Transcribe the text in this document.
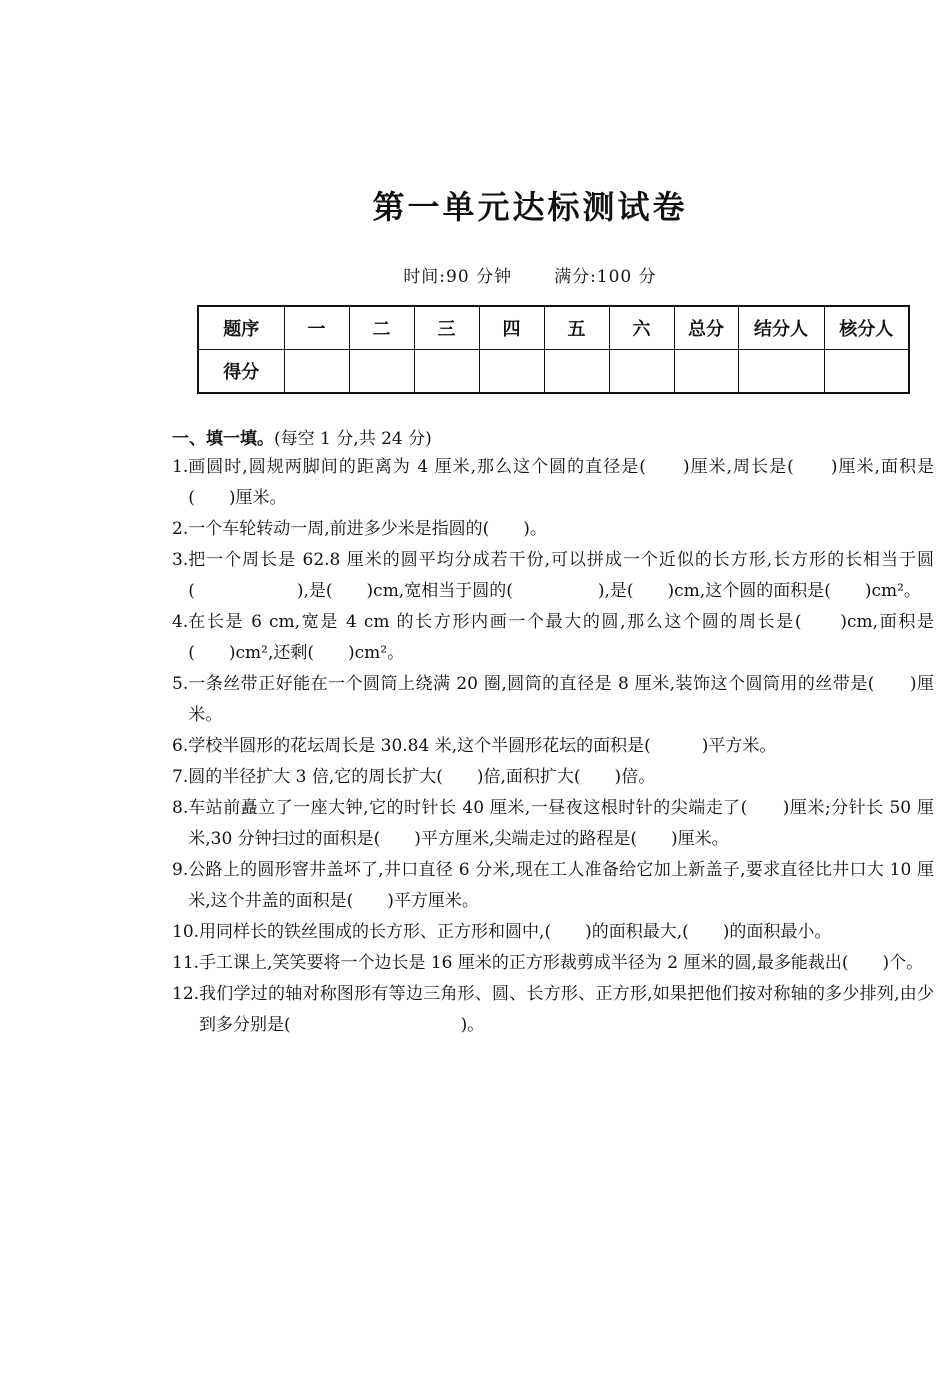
第一单元达标测试卷
时间:90 分钟 满分:100 分
题序	一	二	三	四	五	六	总分	结分人	核分人
得分									
一、填一填。(每空 1 分,共 24 分)
1. 画圆时,圆规两脚间的距离为 4 厘米,那么这个圆的直径是(　　)厘米,周长是(　　)厘米,面积是(　　)厘米。
2. 一个车轮转动一周,前进多少米是指圆的(　　)。
3. 把一个周长是 62.8 厘米的圆平均分成若干份,可以拼成一个近似的长方形,长方形的长相当于圆(　　　　　　),是(　　)cm,宽相当于圆的(　　　　　),是(　　)cm,这个圆的面积是(　　)cm²。
4. 在长是 6 cm,宽是 4 cm 的长方形内画一个最大的圆,那么这个圆的周长是(　　)cm,面积是(　　)cm²,还剩(　　)cm²。
5. 一条丝带正好能在一个圆筒上绕满 20 圈,圆筒的直径是 8 厘米,装饰这个圆筒用的丝带是(　　)厘米。
6. 学校半圆形的花坛周长是 30.84 米,这个半圆形花坛的面积是(　　　)平方米。
7. 圆的半径扩大 3 倍,它的周长扩大(　　)倍,面积扩大(　　)倍。
8. 车站前矗立了一座大钟,它的时针长 40 厘米,一昼夜这根时针的尖端走了(　　)厘米;分针长 50 厘米,30 分钟扫过的面积是(　　)平方厘米,尖端走过的路程是(　　)厘米。
9. 公路上的圆形窨井盖坏了,井口直径 6 分米,现在工人准备给它加上新盖子,要求直径比井口大 10 厘米,这个井盖的面积是(　　)平方厘米。
10. 用同样长的铁丝围成的长方形、正方形和圆中,(　　)的面积最大,(　　)的面积最小。
11. 手工课上,笑笑要将一个边长是 16 厘米的正方形裁剪成半径为 2 厘米的圆,最多能裁出(　　)个。
12. 我们学过的轴对称图形有等边三角形、圆、长方形、正方形,如果把他们按对称轴的多少排列,由少到多分别是(　　　　　　　　　　)。
